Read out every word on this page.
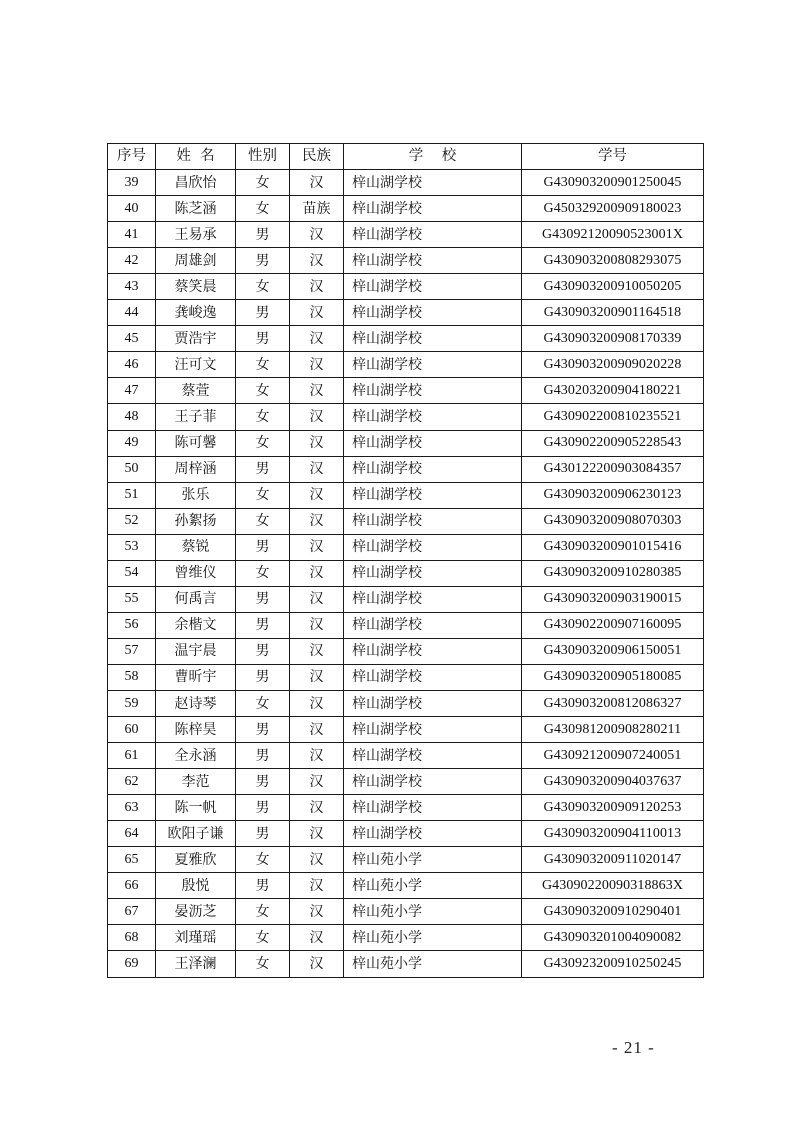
序号	姓  名	性别	民族	学    校	学号
39	昌欣怡	女	汉	梓山湖学校	G430903200901250045
40	陈芝涵	女	苗族	梓山湖学校	G450329200909180023
41	王易承	男	汉	梓山湖学校	G43092120090523001X
42	周雄剑	男	汉	梓山湖学校	G430903200808293075
43	蔡笑晨	女	汉	梓山湖学校	G430903200910050205
44	龚峻逸	男	汉	梓山湖学校	G430903200901164518
45	贾浩宇	男	汉	梓山湖学校	G430903200908170339
46	汪可文	女	汉	梓山湖学校	G430903200909020228
47	蔡萱	女	汉	梓山湖学校	G430203200904180221
48	王子菲	女	汉	梓山湖学校	G430902200810235521
49	陈可馨	女	汉	梓山湖学校	G430902200905228543
50	周梓涵	男	汉	梓山湖学校	G430122200903084357
51	张乐	女	汉	梓山湖学校	G430903200906230123
52	孙絮扬	女	汉	梓山湖学校	G430903200908070303
53	蔡锐	男	汉	梓山湖学校	G430903200901015416
54	曾维仪	女	汉	梓山湖学校	G430903200910280385
55	何禹言	男	汉	梓山湖学校	G430903200903190015
56	余楷文	男	汉	梓山湖学校	G430902200907160095
57	温宇晨	男	汉	梓山湖学校	G430903200906150051
58	曹昕宇	男	汉	梓山湖学校	G430903200905180085
59	赵诗琴	女	汉	梓山湖学校	G430903200812086327
60	陈梓昊	男	汉	梓山湖学校	G430981200908280211
61	全永涵	男	汉	梓山湖学校	G430921200907240051
62	李范	男	汉	梓山湖学校	G430903200904037637
63	陈一帆	男	汉	梓山湖学校	G430903200909120253
64	欧阳子谦	男	汉	梓山湖学校	G430903200904110013
65	夏雅欣	女	汉	梓山苑小学	G430903200911020147
66	殷悦	男	汉	梓山苑小学	G43090220090318863X
67	晏沥芝	女	汉	梓山苑小学	G430903200910290401
68	刘瑾瑶	女	汉	梓山苑小学	G430903201004090082
69	王泽澜	女	汉	梓山苑小学	G430923200910250245
- 21 -
